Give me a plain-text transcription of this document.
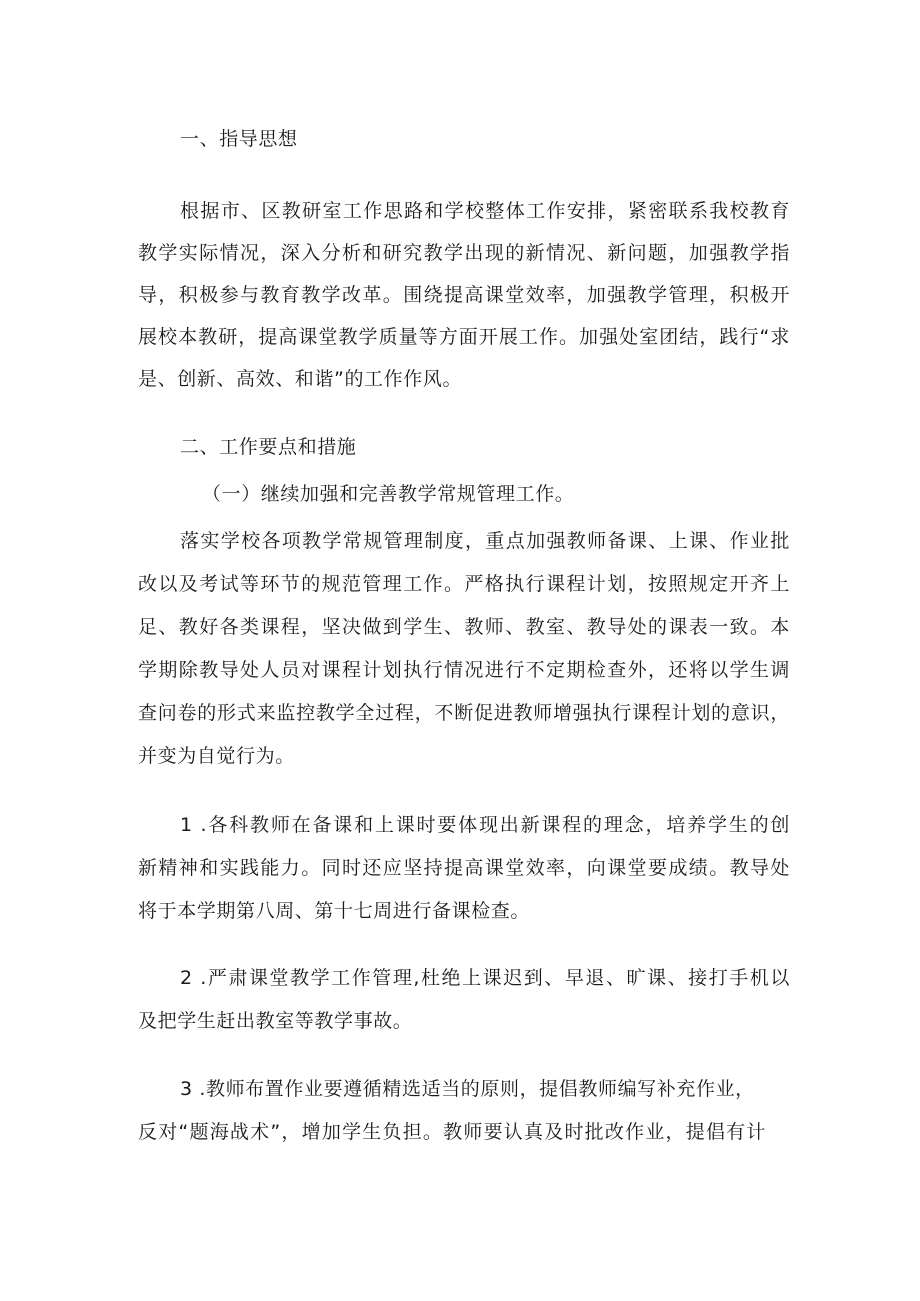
一、指导思想
根据市、区教研室工作思路和学校整体工作安排，紧密联系我校教育
教学实际情况，深入分析和研究教学出现的新情况、新问题，加强教学指
导，积极参与教育教学改革。围绕提高课堂效率，加强教学管理，积极开
展校本教研，提高课堂教学质量等方面开展工作。加强处室团结，践行“求
是、创新、高效、和谐”的工作作风。
二、工作要点和措施
（一）继续加强和完善教学常规管理工作。
落实学校各项教学常规管理制度，重点加强教师备课、上课、作业批
改以及考试等环节的规范管理工作。严格执行课程计划，按照规定开齐上
足、教好各类课程，坚决做到学生、教师、教室、教导处的课表一致。本
学期除教导处人员对课程计划执行情况进行不定期检查外，还将以学生调
查问卷的形式来监控教学全过程，不断促进教师增强执行课程计划的意识，
并变为自觉行为。
1 .各科教师在备课和上课时要体现出新课程的理念，培养学生的创
新精神和实践能力。同时还应坚持提高课堂效率，向课堂要成绩。教导处
将于本学期第八周、第十七周进行备课检查。
2 .严肃课堂教学工作管理,杜绝上课迟到、早退、旷课、接打手机以
及把学生赶出教室等教学事故。
3 .教师布置作业要遵循精选适当的原则，提倡教师编写补充作业，
反对“题海战术”，增加学生负担。教师要认真及时批改作业，提倡有计
